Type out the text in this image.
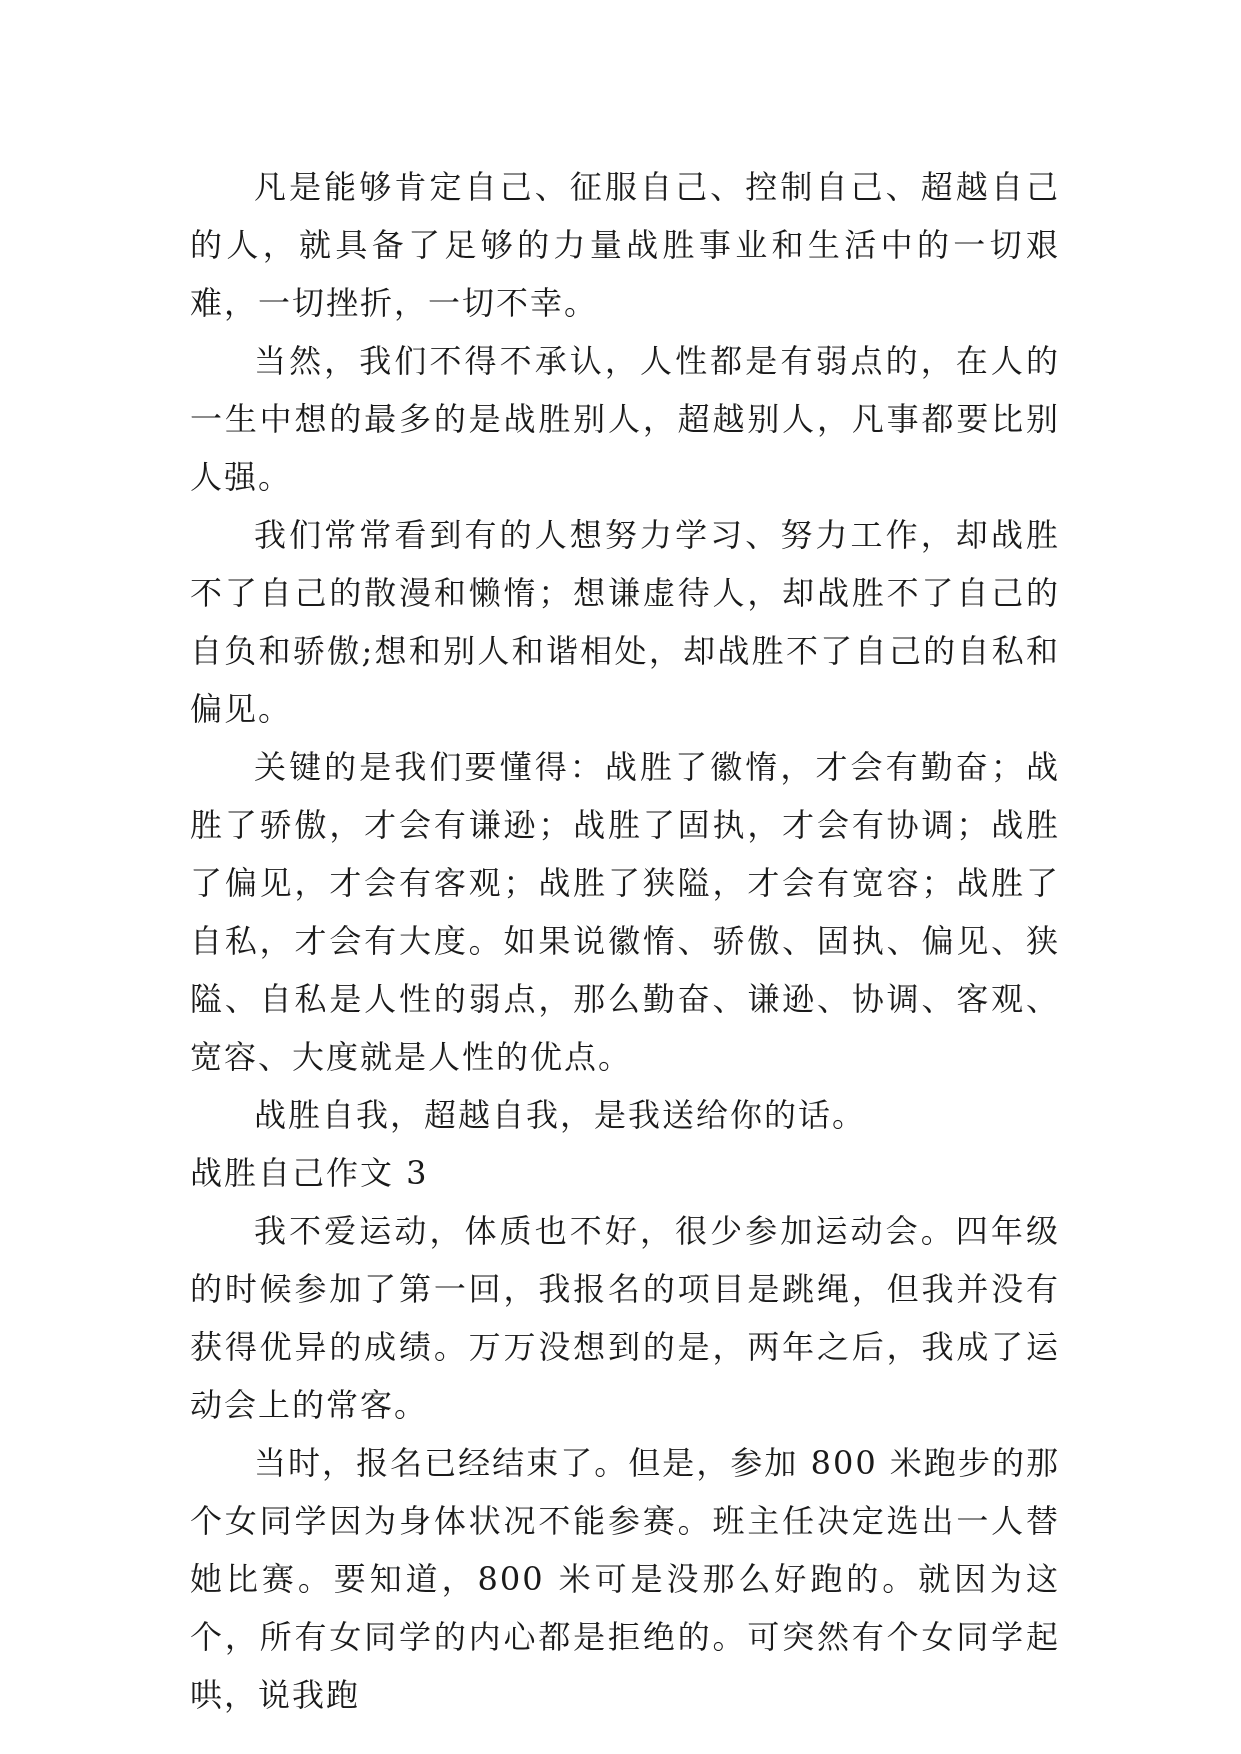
凡是能够肯定自己、征服自己、控制自己、超越自己的人，就具备了足够的力量战胜事业和生活中的一切艰难，一切挫折，一切不幸。

当然，我们不得不承认，人性都是有弱点的，在人的一生中想的最多的是战胜别人，超越别人，凡事都要比别人强。

我们常常看到有的人想努力学习、努力工作，却战胜不了自己的散漫和懒惰；想谦虚待人，却战胜不了自己的自负和骄傲;想和别人和谐相处，却战胜不了自己的自私和偏见。

关键的是我们要懂得：战胜了徽惰，才会有勤奋；战胜了骄傲，才会有谦逊；战胜了固执，才会有协调；战胜了偏见，才会有客观；战胜了狭隘，才会有宽容；战胜了自私，才会有大度。如果说徽惰、骄傲、固执、偏见、狭隘、自私是人性的弱点，那么勤奋、谦逊、协调、客观、宽容、大度就是人性的优点。

战胜自我，超越自我，是我送给你的话。

战胜自己作文 3

我不爱运动，体质也不好，很少参加运动会。四年级的时候参加了第一回，我报名的项目是跳绳，但我并没有获得优异的成绩。万万没想到的是，两年之后，我成了运动会上的常客。

当时，报名已经结束了。但是，参加 800 米跑步的那个女同学因为身体状况不能参赛。班主任决定选出一人替她比赛。要知道，800 米可是没那么好跑的。就因为这个，所有女同学的内心都是拒绝的。可突然有个女同学起哄，说我跑
